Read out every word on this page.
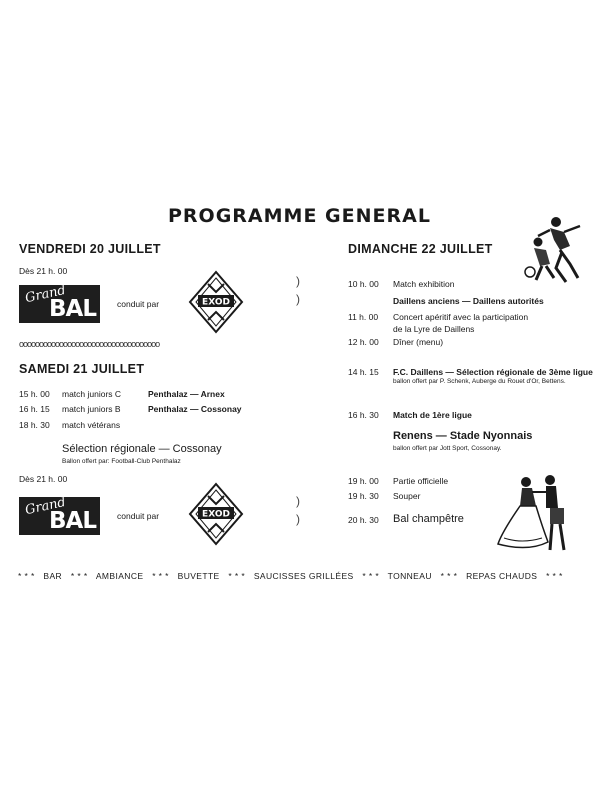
PROGRAMME GENERAL
VENDREDI 20 JUILLET
Dès 21 h. 00
Grand
BAL conduit par	EXOD
)
)
ooooooooooooooooooooooooooooooooooo
SAMEDI 21 JUILLET
15 h. 00 match juniors C	Penthalaz — Arnex
16 h. 15 match juniors B	Penthalaz — Cossonay
18 h. 30 match vétérans
Sélection régionale — Cossonay
Ballon offert par: Football-Club Penthalaz
Dès 21 h. 00
Grand
BAL conduit par	EXOD
)
)
DIMANCHE 22 JUILLET
10 h. 00 Match exhibition
Daillens anciens — Daillens autorités
11 h. 00 Concert apéritif avec la participation
de la Lyre de Daillens
12 h. 00 Dîner (menu)
14 h. 15 F.C. Daillens — Sélection régionale de 3ème ligue
ballon offert par P. Schenk, Auberge du Rouet d'Or, Bettens.
16 h. 30 Match de 1ère ligue
Renens — Stade Nyonnais
ballon offert par Jott Sport, Cossonay.
19 h. 00 Partie officielle
19 h. 30 Souper
20 h. 30 Bal champêtre
* * * BAR * * * AMBIANCE * * * BUVETTE * * * SAUCISSES GRILLÉES * * * TONNEAU * * * REPAS CHAUDS * * *
